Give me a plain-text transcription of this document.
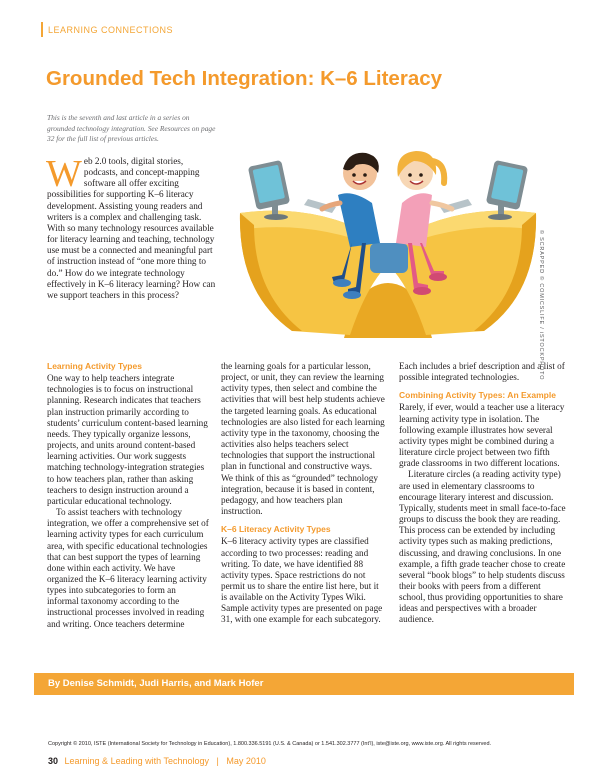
LEARNING CONNECTIONS
Grounded Tech Integration: K–6 Literacy
This is the seventh and last article in a series on grounded technology integration. See Resources on page 32 for the full list of previous articles.
Web 2.0 tools, digital stories, podcasts, and concept-mapping software all offer exciting possibilities for supporting K–6 literacy development. Assisting young readers and writers is a complex and challenging task. With so many technology resources available for literacy learning and teaching, technology use must be a connected and meaningful part of instruction instead of “one more thing to do.” How do we integrate technology effectively in K–6 literacy learning? How can we support teachers in this process?	© SCRAPPED © COMICSLIFE / iSTOCKPHOTO
Learning Activity Types

One way to help teachers integrate technologies is to focus on instructional planning. Research indicates that teachers plan instruction primarily according to students’ curriculum content-based learning needs. They typically organize lessons, projects, and units around content-based learning activities. Our work suggests matching technology-integration strategies to how teachers plan, rather than asking teachers to design instruction around a particular educational technology.

To assist teachers with technology integration, we offer a comprehensive set of learning activity types for each curriculum area, with specific educational technologies that can best support the types of learning done within each activity. We have organized the K–6 literacy learning activity types into subcategories to form an informal taxonomy according to the instructional processes involved in reading and writing. Once teachers determine

the learning goals for a particular lesson, project, or unit, they can review the learning activity types, then select and combine the activities that will best help students achieve the targeted learning goals. As educational technologies are also listed for each learning activity type in the taxonomy, choosing the activities also helps teachers select technologies that support the instructional plan in functional and constructive ways. We think of this as “grounded” technology integration, because it is based in content, pedagogy, and how teachers plan instruction.

K–6 Literacy Activity Types

K–6 literacy activity types are classified according to two processes: reading and writing. To date, we have identified 88 activity types. Space restrictions do not permit us to share the entire list here, but it is available on the Activity Types Wiki. Sample activity types are presented on page 31, with one example for each subcategory.

Each includes a brief description and a list of possible integrated technologies.

Combining Activity Types: An Example

Rarely, if ever, would a teacher use a literacy learning activity type in isolation. The following example illustrates how several activity types might be combined during a literature circle project between two fifth grade classrooms in two different locations.

Literature circles (a reading activity type) are used in elementary classrooms to encourage literary interest and discussion. Typically, students meet in small face-to-face groups to discuss the book they are reading. This process can be extended by including activity types such as making predictions, discussing, and drawing conclusions. In one example, a fifth grade teacher chose to create several “book blogs” to help students discuss their books with peers from a different school, thus providing opportunities to share ideas and perspectives with a broader audience.

By Denise Schmidt, Judi Harris, and Mark Hofer
Copyright © 2010, ISTE (International Society for Technology in Education), 1.800.336.5191 (U.S. & Canada) or 1.541.302.3777 (Int’l), iste@iste.org, www.iste.org. All rights reserved.
30 Learning & Leading with Technology | May 2010
